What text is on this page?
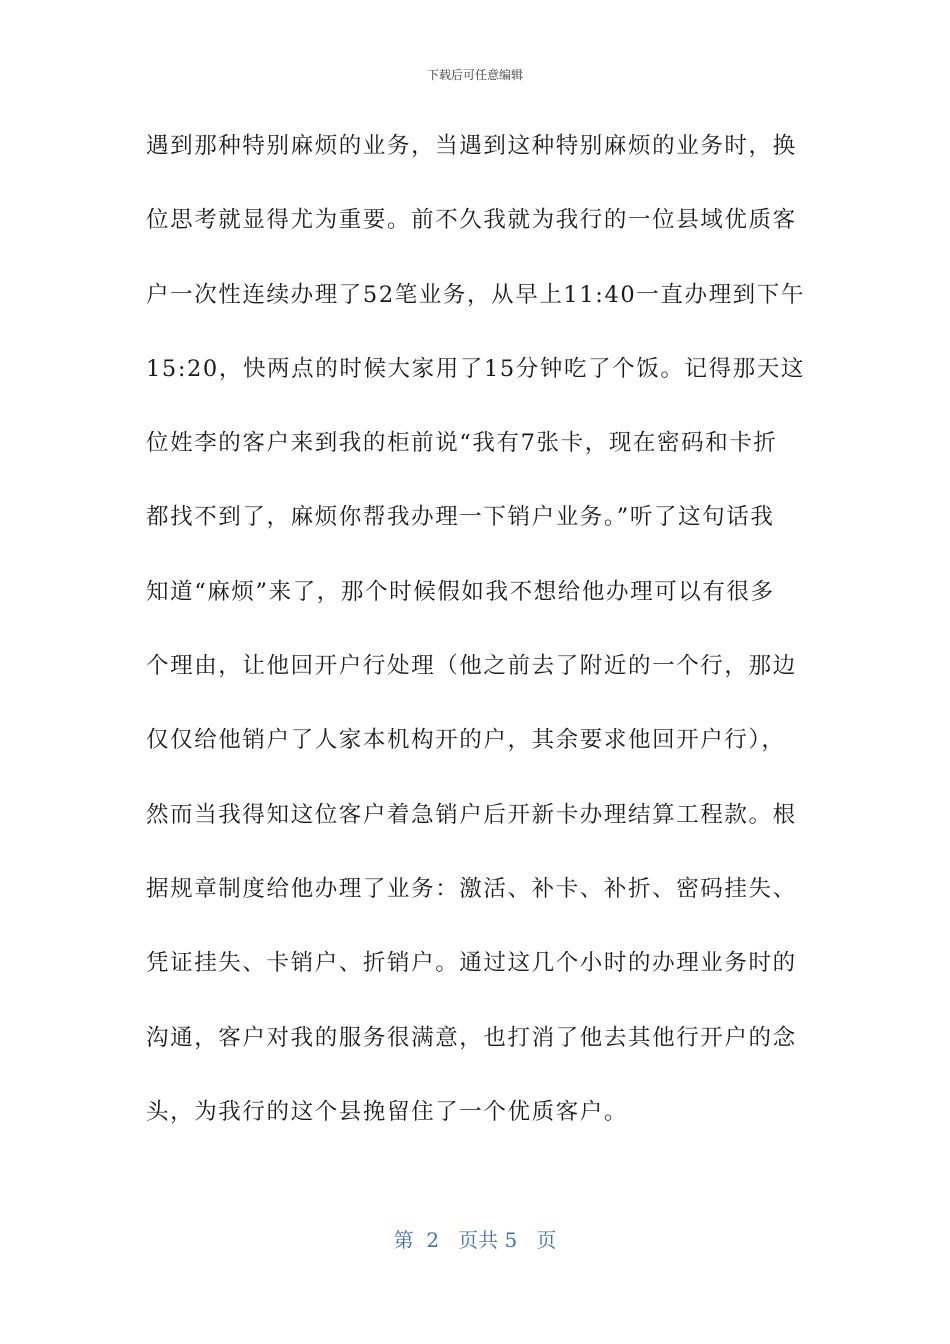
下载后可任意编辑
遇到那种特别麻烦的业务，当遇到这种特别麻烦的业务时，换
位思考就显得尤为重要。前不久我就为我行的一位县域优质客
户一次性连续办理了52笔业务，从早上11:40一直办理到下午
15:20，快两点的时候大家用了15分钟吃了个饭。记得那天这
位姓李的客户来到我的柜前说“我有7张卡，现在密码和卡折
都找不到了，麻烦你帮我办理一下销户业务。”听了这句话我
知道“麻烦”来了，那个时候假如我不想给他办理可以有很多
个理由，让他回开户行处理（他之前去了附近的一个行，那边
仅仅给他销户了人家本机构开的户，其余要求他回开户行），
然而当我得知这位客户着急销户后开新卡办理结算工程款。根
据规章制度给他办理了业务：激活、补卡、补折、密码挂失、
凭证挂失、卡销户、折销户。通过这几个小时的办理业务时的
沟通，客户对我的服务很满意，也打消了他去其他行开户的念
头，为我行的这个县挽留住了一个优质客户。
第  2   页共 5   页
